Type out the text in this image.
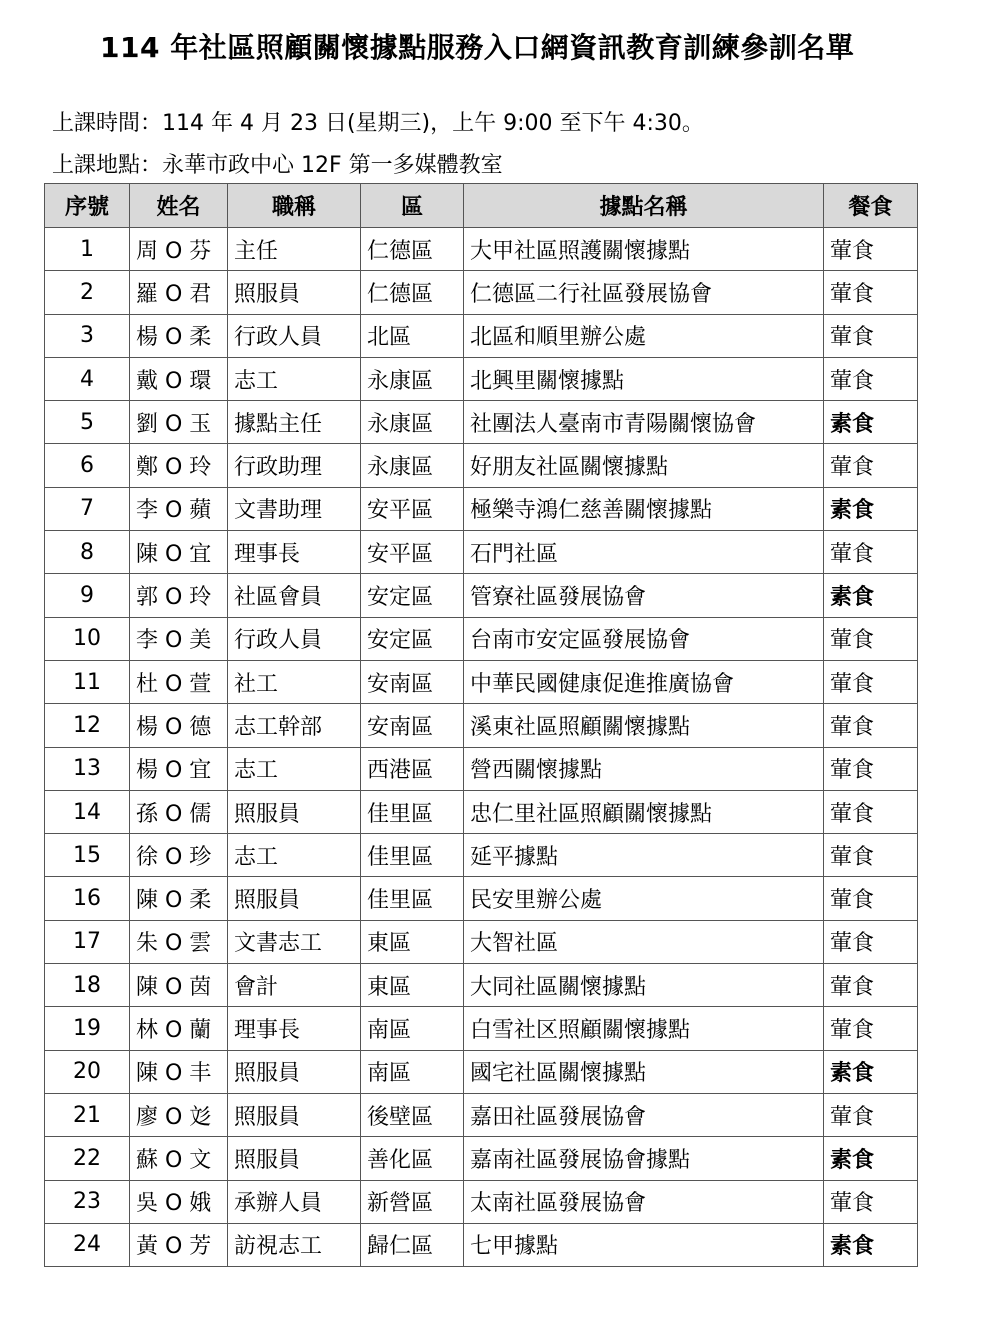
114 年社區照顧關懷據點服務入口網資訊教育訓練參訓名單
上課時間：114 年 4 月 23 日(星期三)，上午 9:00 至下午 4:30。
上課地點：永華市政中心 12F 第一多媒體教室
序號	姓名	職稱	區	據點名稱	餐食
1	周 O 芬	主任	仁德區	大甲社區照護關懷據點	葷食
2	羅 O 君	照服員	仁德區	仁德區二行社區發展協會	葷食
3	楊 O 柔	行政人員	北區	北區和順里辦公處	葷食
4	戴 O 環	志工	永康區	北興里關懷據點	葷食
5	劉 O 玉	據點主任	永康區	社團法人臺南市青陽關懷協會	素食
6	鄭 O 玲	行政助理	永康區	好朋友社區關懷據點	葷食
7	李 O 蘋	文書助理	安平區	極樂寺鴻仁慈善關懷據點	素食
8	陳 O 宜	理事長	安平區	石門社區	葷食
9	郭 O 玲	社區會員	安定區	管寮社區發展協會	素食
10	李 O 美	行政人員	安定區	台南市安定區發展協會	葷食
11	杜 O 萱	社工	安南區	中華民國健康促進推廣協會	葷食
12	楊 O 德	志工幹部	安南區	溪東社區照顧關懷據點	葷食
13	楊 O 宜	志工	西港區	營西關懷據點	葷食
14	孫 O 儒	照服員	佳里區	忠仁里社區照顧關懷據點	葷食
15	徐 O 珍	志工	佳里區	延平據點	葷食
16	陳 O 柔	照服員	佳里區	民安里辦公處	葷食
17	朱 O 雲	文書志工	東區	大智社區	葷食
18	陳 O 茵	會計	東區	大同社區關懷據點	葷食
19	林 O 蘭	理事長	南區	白雪社区照顧關懷據點	葷食
20	陳 O 丰	照服員	南區	國宅社區關懷據點	素食
21	廖 O 彣	照服員	後壁區	嘉田社區發展協會	葷食
22	蘇 O 文	照服員	善化區	嘉南社區發展協會據點	素食
23	吳 O 娥	承辦人員	新營區	太南社區發展協會	葷食
24	黃 O 芳	訪視志工	歸仁區	七甲據點	素食
